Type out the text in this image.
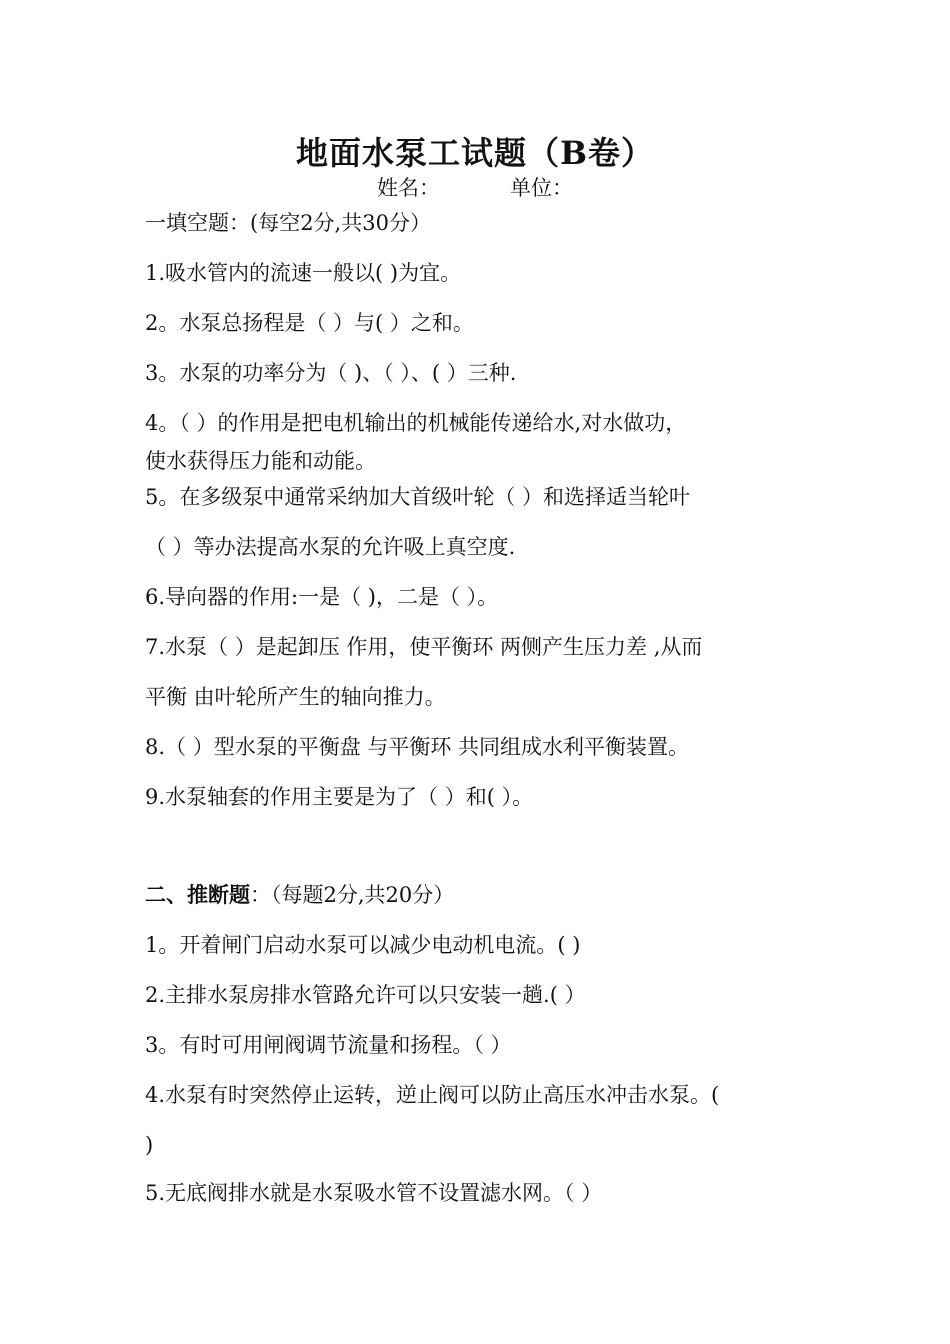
地面水泵工试题（B卷）
姓名：	单位：
一填空题：(每空2分,共30分）
1.吸水管内的流速一般以( )为宜。
2。水泵总扬程是（ ）与( ）之和。
3。水泵的功率分为（ )、（ ）、( ）三种.
4。（ ）的作用是把电机输出的机械能传递给水,对水做功，
使水获得压力能和动能。
5。在多级泵中通常采纳加大首级叶轮（ ）和选择适当轮叶
（ ）等办法提高水泵的允许吸上真空度.
6.导向器的作用:一是（ )，二是（ ）。
7.水泵（ ）是起卸压 作用，使平衡环 两侧产生压力差 ,从而
平衡 由叶轮所产生的轴向推力。
8.（ ）型水泵的平衡盘 与平衡环 共同组成水利平衡装置。
9.水泵轴套的作用主要是为了（ ）和( ）。
二、推断题：（每题2分,共20分）
1。开着闸门启动水泵可以减少电动机电流。( )
2.主排水泵房排水管路允许可以只安装一趟.( ）
3。有时可用闸阀调节流量和扬程。（ ）
4.水泵有时突然停止运转，逆止阀可以防止高压水冲击水泵。(
)
5.无底阀排水就是水泵吸水管不设置滤水网。（ ）
